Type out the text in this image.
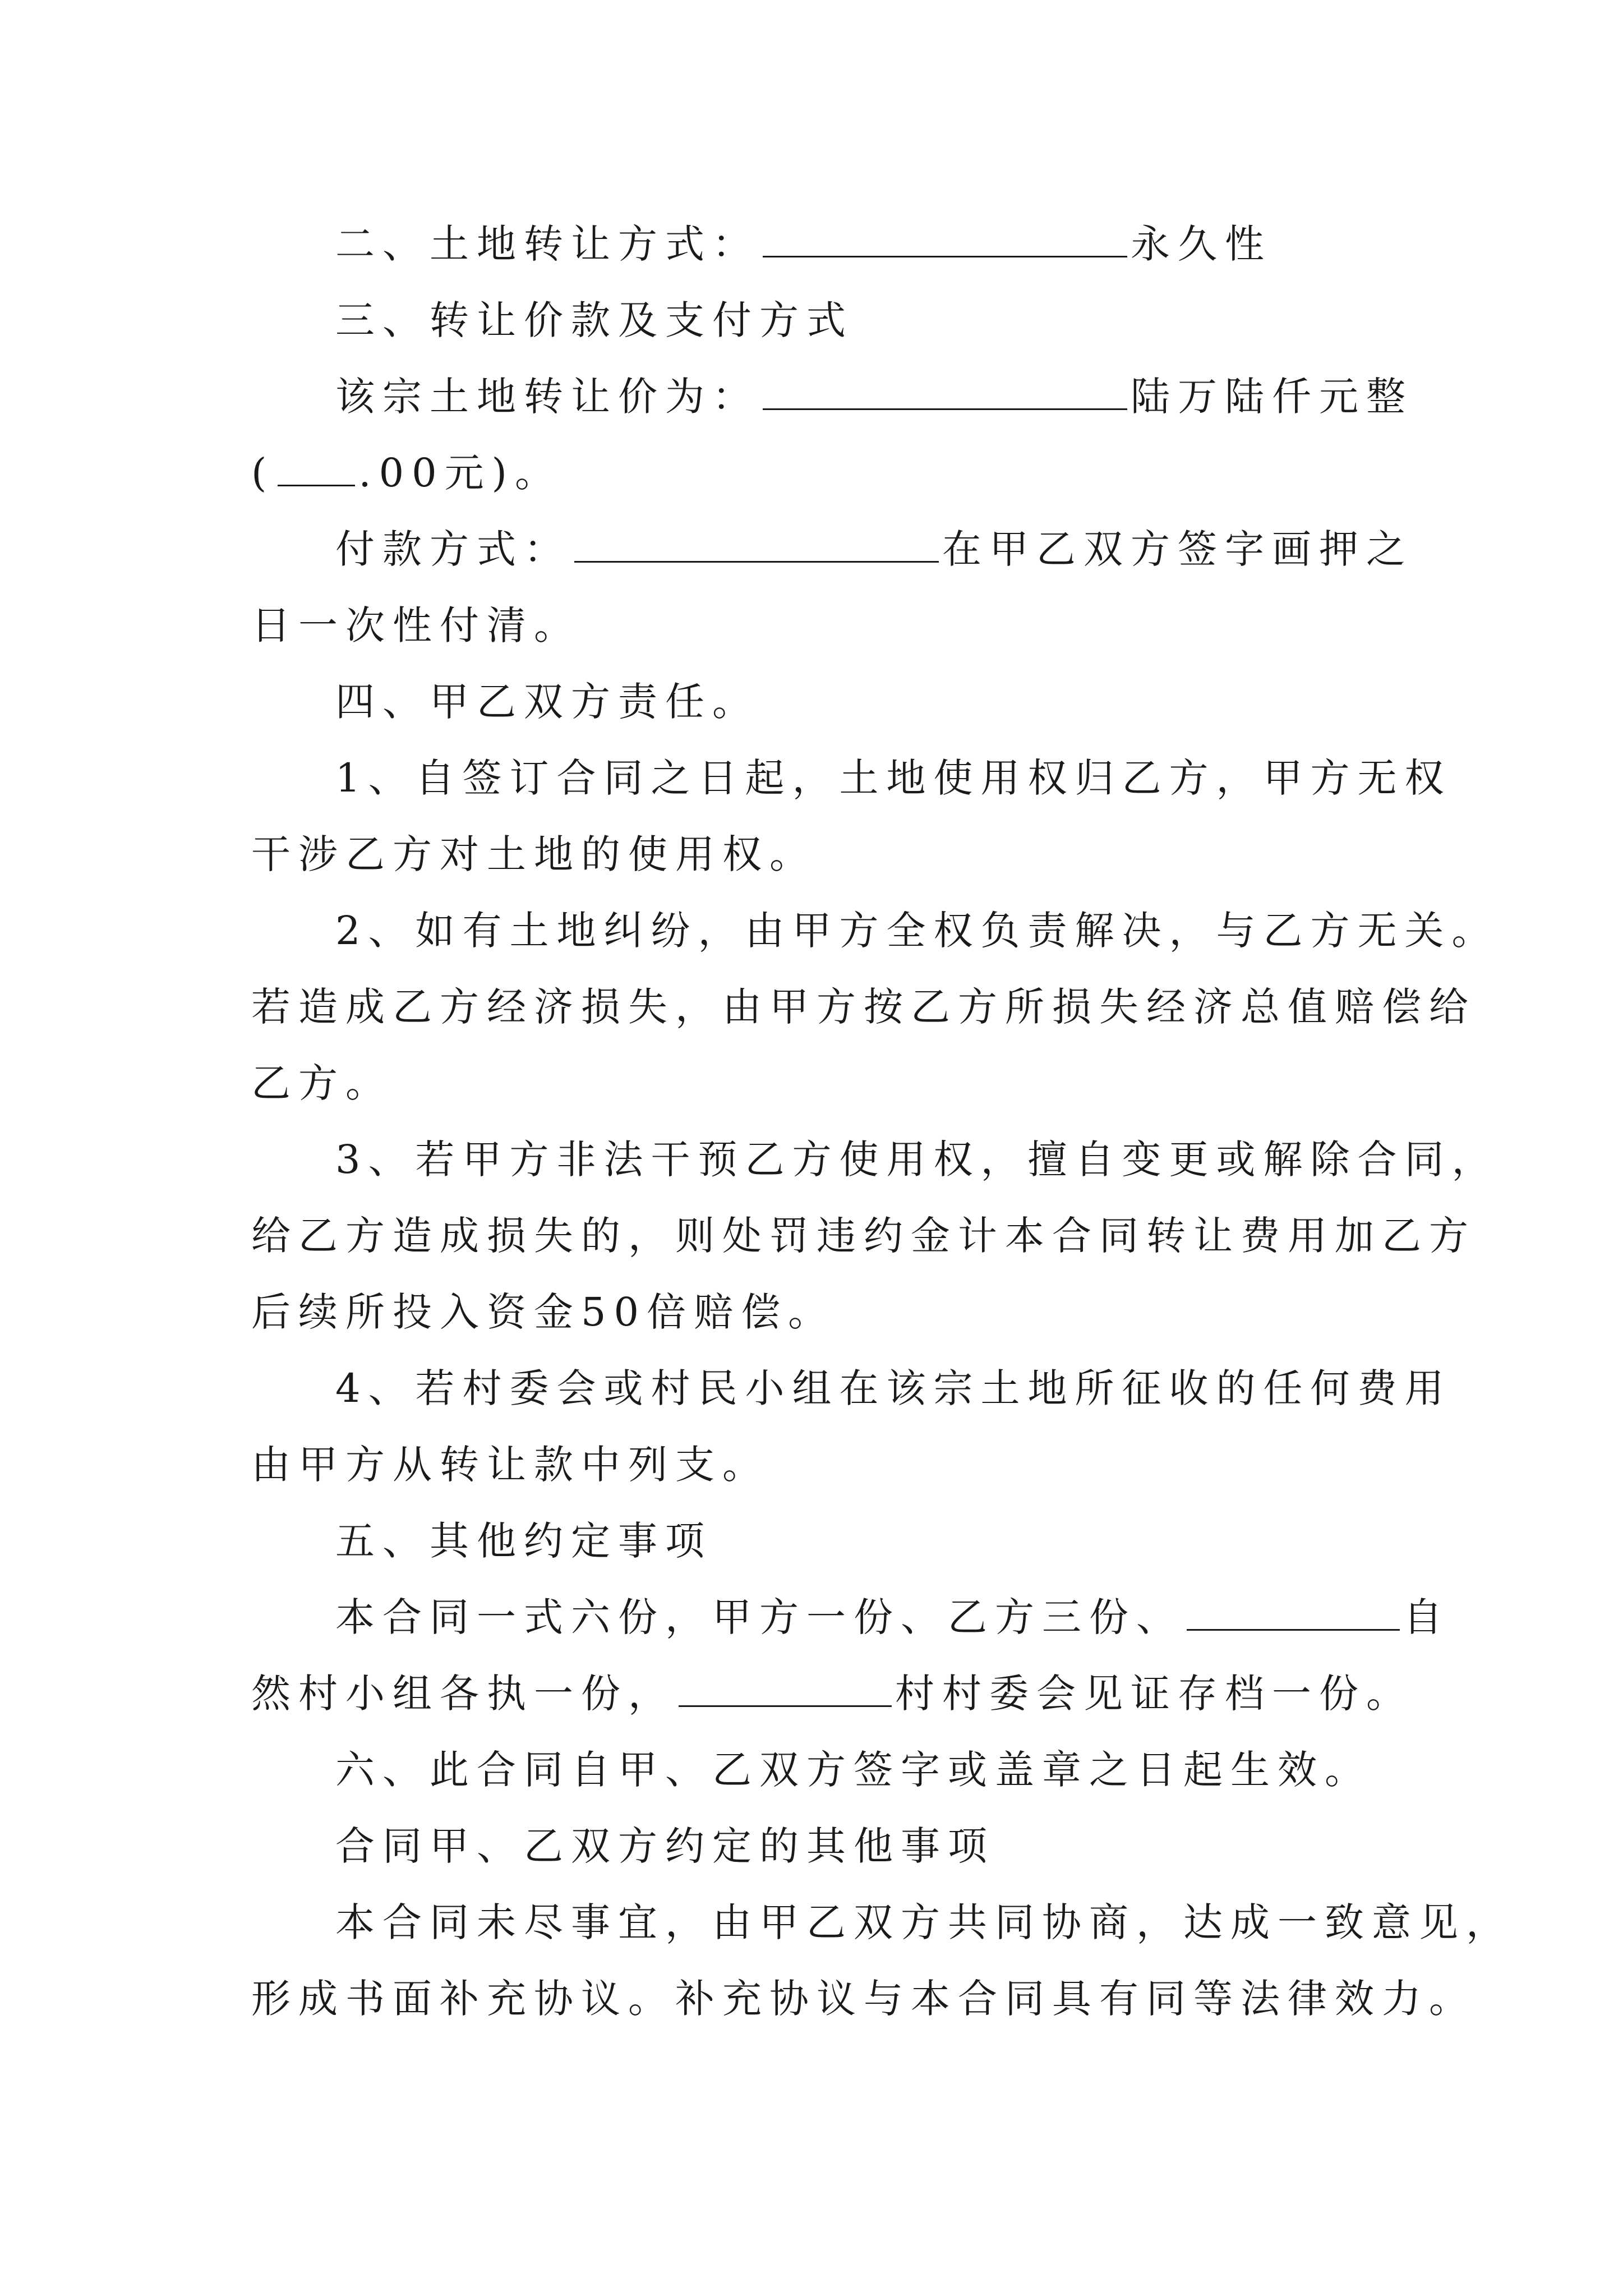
二、土地转让方式：	永久性
三、转让价款及支付方式
该宗土地转让价为：	陆万陆仟元整
( .00元)。
付款方式：	在甲乙双方签字画押之
日一次性付清。
四、甲乙双方责任。
1、自签订合同之日起，土地使用权归乙方，甲方无权
干涉乙方对土地的使用权。
2、如有土地纠纷，由甲方全权负责解决，与乙方无关。
若造成乙方经济损失，由甲方按乙方所损失经济总值赔偿给
乙方。
3、若甲方非法干预乙方使用权，擅自变更或解除合同，
给乙方造成损失的，则处罚违约金计本合同转让费用加乙方
后续所投入资金50倍赔偿。
4、若村委会或村民小组在该宗土地所征收的任何费用
由甲方从转让款中列支。
五、其他约定事项
本合同一式六份，甲方一份、乙方三份、	自
然村小组各执一份，	村村委会见证存档一份。
六、此合同自甲、乙双方签字或盖章之日起生效。
合同甲、乙双方约定的其他事项
本合同未尽事宜，由甲乙双方共同协商，达成一致意见，
形成书面补充协议。补充协议与本合同具有同等法律效力。
